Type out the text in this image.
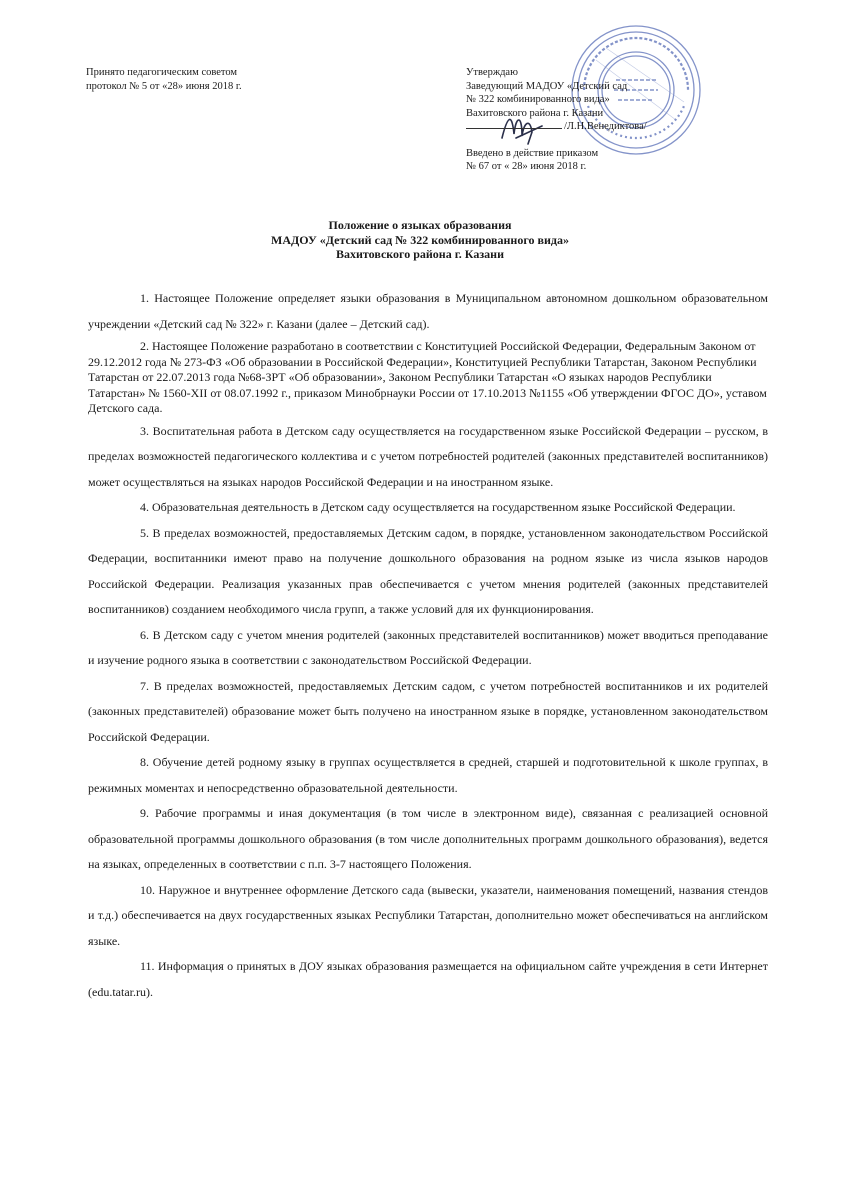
Принято педагогическим советом
протокол № 5 от «28» июня 2018 г.
Утверждаю
Заведующий МАДОУ «Детский сад
№ 322 комбинированного вида»
Вахитовского района г. Казани
/Л.Н.Венедиктова/
Введено в действие приказом
№ 67 от « 28» июня 2018 г.
Положение о языках образования
МАДОУ «Детский сад № 322 комбинированного вида»
Вахитовского района г. Казани

1. Настоящее Положение определяет языки образования в Муниципальном автономном дошкольном образовательном учреждении «Детский сад № 322» г. Казани (далее – Детский сад).

2. Настоящее Положение разработано в соответствии с Конституцией Российской Федерации, Федеральным Законом от 29.12.2012 года № 273-ФЗ «Об образовании в Российской Федерации», Конституцией Республики Татарстан, Законом Республики Татарстан от 22.07.2013 года №68-ЗРТ «Об образовании», Законом Республики Татарстан «О языках народов Республики Татарстан» № 1560-XII от 08.07.1992 г., приказом Минобрнауки России от 17.10.2013 №1155 «Об утверждении ФГОС ДО», уставом Детского сада.

3. Воспитательная работа в Детском саду осуществляется на государственном языке Российской Федерации – русском, в пределах возможностей педагогического коллектива и с учетом потребностей родителей (законных представителей воспитанников) может осуществляться на языках народов Российской Федерации и на иностранном языке.

4. Образовательная деятельность в Детском саду осуществляется на государственном языке Российской Федерации.

5. В пределах возможностей, предоставляемых Детским садом, в порядке, установленном законодательством Российской Федерации, воспитанники имеют право на получение дошкольного образования на родном языке из числа языков народов Российской Федерации. Реализация указанных прав обеспечивается с учетом мнения родителей (законных представителей воспитанников) созданием необходимого числа групп, а также условий для их функционирования.

6. В Детском саду с учетом мнения родителей (законных представителей воспитанников) может вводиться преподавание и изучение родного языка в соответствии с законодательством Российской Федерации.

7. В пределах возможностей, предоставляемых Детским садом, с учетом потребностей воспитанников и их родителей (законных представителей) образование может быть получено на иностранном языке в порядке, установленном законодательством Российской Федерации.

8. Обучение детей родному языку в группах осуществляется в средней, старшей и подготовительной к школе группах, в режимных моментах и непосредственно образовательной деятельности.

9. Рабочие программы и иная документация (в том числе в электронном виде), связанная с реализацией основной образовательной программы дошкольного образования (в том числе дополнительных программ дошкольного образования), ведется на языках, определенных в соответствии с п.п. 3-7 настоящего Положения.

10. Наружное и внутреннее оформление Детского сада (вывески, указатели, наименования помещений, названия стендов и т.д.) обеспечивается на двух государственных языках Республики Татарстан, дополнительно может обеспечиваться на английском языке.

11. Информация о принятых в ДОУ языках образования размещается на официальном сайте учреждения в сети Интернет (edu.tatar.ru).
